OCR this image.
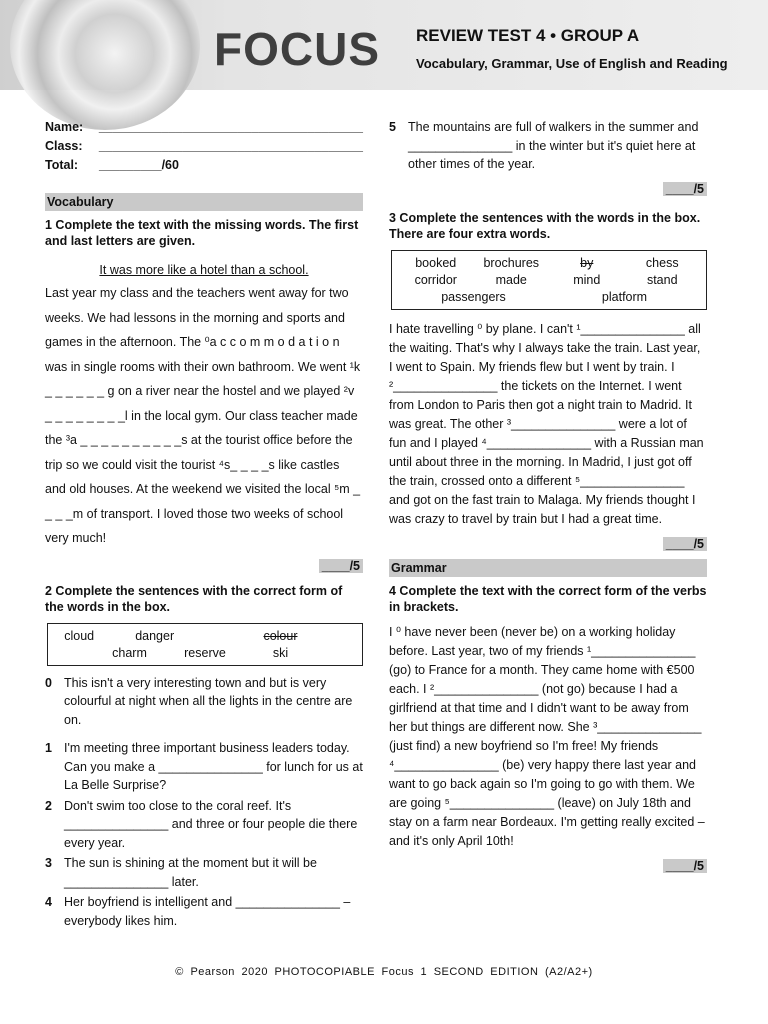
FOCUS REVIEW TEST 4 • GROUP A
Vocabulary, Grammar, Use of English and Reading
Name:	______________________________________
Class:	______________________________________
Total:	_________/60
Vocabulary
1 Complete the text with the missing words. The first and last letters are given.
It was more like a hotel than a school.
Last year my class and the teachers went away for two weeks. We had lessons in the morning and sports and games in the afternoon. The ⁰a c c o m m o d a t i o n was in single rooms with their own bathroom. We went ¹k _ _ _ _ _ _ g on a river near the hostel and we played ²v _ _ _ _ _ _ _ _l in the local gym. Our class teacher made the ³a _ _ _ _ _ _ _ _ _ _s at the tourist office before the trip so we could visit the tourist ⁴s_ _ _ _s like castles and old houses. At the weekend we visited the local ⁵m _ _ _ _m of transport. I loved those two weeks of school very much!
____/5
2 Complete the sentences with the correct form of the words in the box.
cloud	danger	colour
charm	reserve	ski
0 This isn't a very interesting town and but is very colourful at night when all the lights in the centre are on.
1 I'm meeting three important business leaders today. Can you make a _______________ for lunch for us at La Belle Surprise?
2 Don't swim too close to the coral reef. It's _______________ and three or four people die there every year.
3 The sun is shining at the moment but it will be _______________ later.
4 Her boyfriend is intelligent and _______________ – everybody likes him.
5 The mountains are full of walkers in the summer and _______________ in the winter but it's quiet here at other times of the year.
____/5
3 Complete the sentences with the words in the box. There are four extra words.
booked	brochures	by	chess
corridor	made	mind	stand
passengers	platform
I hate travelling ⁰ by plane. I can't ¹_______________ all the waiting. That's why I always take the train. Last year, I went to Spain. My friends flew but I went by train. I ²_______________ the tickets on the Internet. I went from London to Paris then got a night train to Madrid. It was great. The other ³_______________ were a lot of fun and I played ⁴_______________ with a Russian man until about three in the morning. In Madrid, I just got off the train, crossed onto a different ⁵_______________ and got on the fast train to Malaga. My friends thought I was crazy to travel by train but I had a great time.
____/5
Grammar
4 Complete the text with the correct form of the verbs in brackets.
I ⁰ have never been (never be) on a working holiday before. Last year, two of my friends ¹_______________ (go) to France for a month. They came home with €500 each. I ²_______________ (not go) because I had a girlfriend at that time and I didn't want to be away from her but things are different now. She ³_______________ (just find) a new boyfriend so I'm free! My friends ⁴_______________ (be) very happy there last year and want to go back again so I'm going to go with them. We are going ⁵_______________ (leave) on July 18th and stay on a farm near Bordeaux. I'm getting really excited – and it's only April 10th!
____/5
© Pearson 2020 PHOTOCOPIABLE Focus 1 SECOND EDITION (A2/A2+)
